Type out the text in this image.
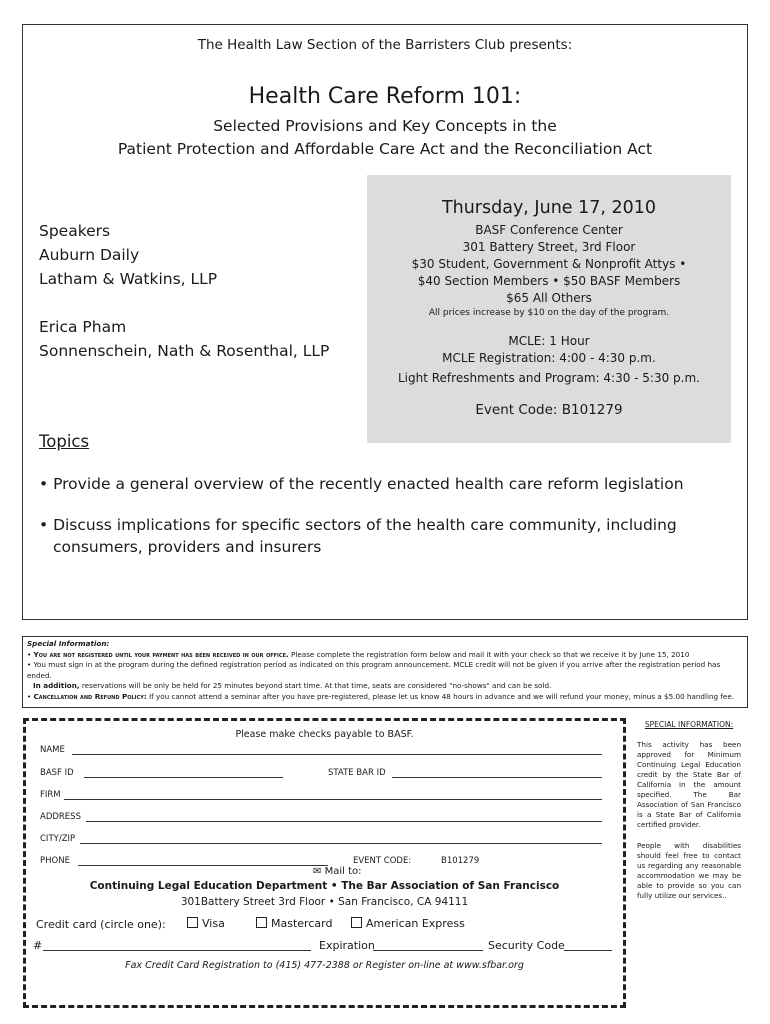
The Health Law Section of the Barristers Club presents:
Health Care Reform 101:
Selected Provisions and Key Concepts in the
Patient Protection and Affordable Care Act and the Reconciliation Act
Thursday, June 17, 2010
BASF Conference Center
301 Battery Street, 3rd Floor
$30 Student, Government & Nonprofit Attys •
$40 Section Members • $50 BASF Members
$65 All Others
All prices increase by $10 on the day of the program.
MCLE: 1 Hour
MCLE Registration: 4:00 - 4:30 p.m.
Light Refreshments and Program: 4:30 - 5:30 p.m.
Event Code: B101279
Speakers
Auburn Daily
Latham & Watkins, LLP
Erica Pham
Sonnenschein, Nath & Rosenthal, LLP
Topics
• Provide a general overview of the recently enacted health care reform legislation
• Discuss implications for specific sectors of the health care community, including
consumers, providers and insurers
Special Information:
• You are not registered until your payment has been received in our office. Please complete the registration form below and mail it with your check so that we receive it by June 15, 2010
• You must sign in at the program during the defined registration period as indicated on this program announcement. MCLE credit will not be given if you arrive after the registration period has ended.
In addition, reservations will be only be held for 25 minutes beyond start time. At that time, seats are considered "no-shows" and can be sold.
• Cancellation and Refund Policy: If you cannot attend a seminar after you have pre-registered, please let us know 48 hours in advance and we will refund your money, minus a $5.00 handling fee.
Please make checks payable to BASF.
NAME
BASF ID	STATE BAR ID
FIRM
ADDRESS
CITY/ZIP
PHONE	EVENT CODE:	B101279
✉ Mail to:
Continuing Legal Education Department • The Bar Association of San Francisco
301Battery Street 3rd Floor • San Francisco, CA 94111
Credit card (circle one):	Visa	Mastercard	American Express
#	Expiration	Security Code
Fax Credit Card Registration to (415) 477-2388 or Register on-line at www.sfbar.org
SPECIAL INFORMATION:
This activity has been approved for Minimum Continuing Legal Education credit by the State Bar of California in the amount specified. The Bar Association of San Francisco is a State Bar of California certified provider.
People with disabilities should feel free to contact us regarding any reasonable accommodation we may be able to provide so you can fully utilize our services..
